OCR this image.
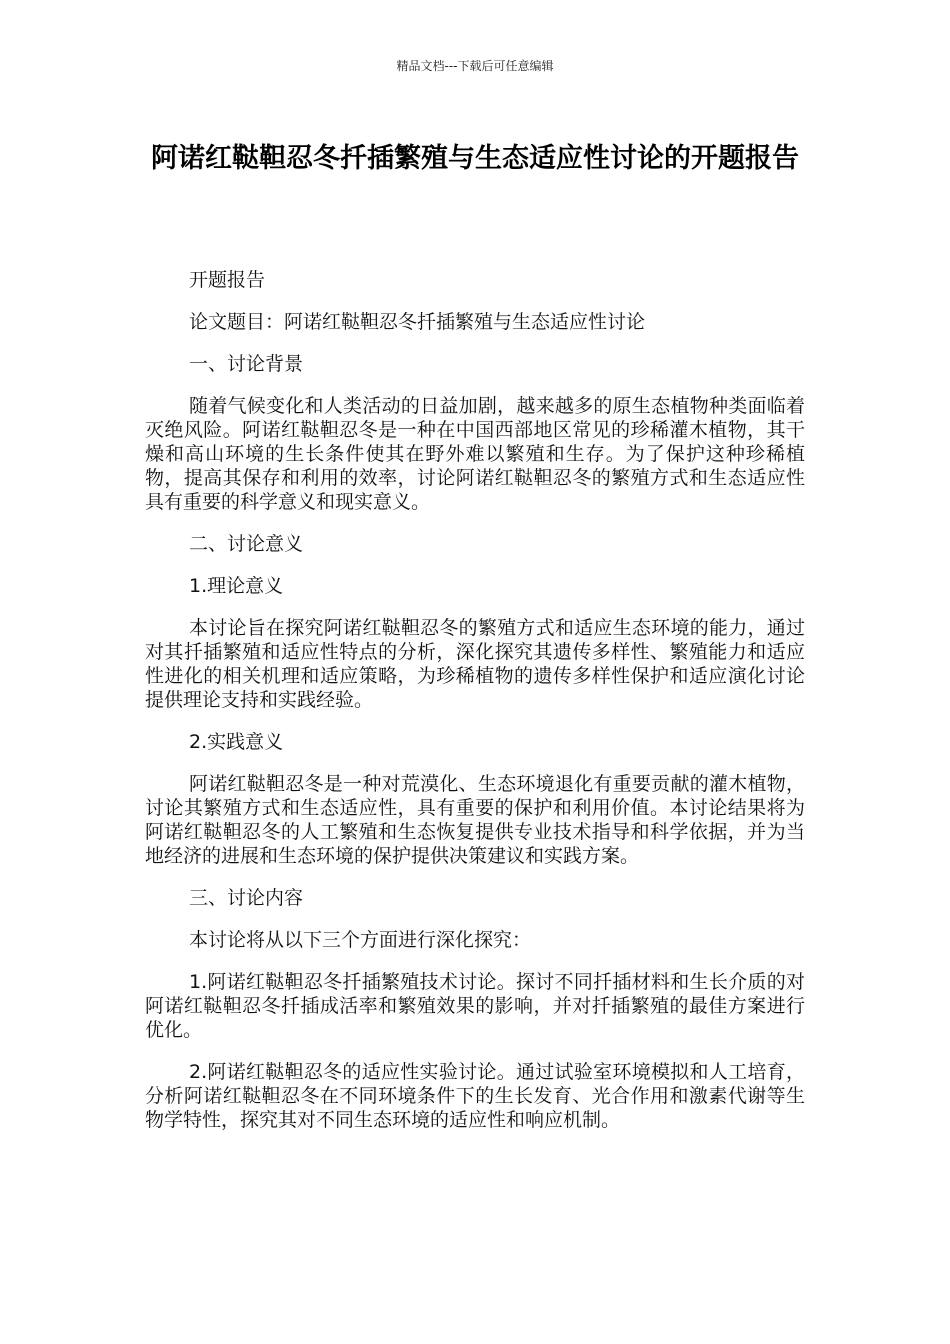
精品文档---下载后可任意编辑
阿诺红鞑靼忍冬扦插繁殖与生态适应性讨论的开题报告

开题报告

论文题目：阿诺红鞑靼忍冬扦插繁殖与生态适应性讨论

一、讨论背景

随着气候变化和人类活动的日益加剧，越来越多的原生态植物种类面临着灭绝风险。阿诺红鞑靼忍冬是一种在中国西部地区常见的珍稀灌木植物，其干燥和高山环境的生长条件使其在野外难以繁殖和生存。为了保护这种珍稀植物，提高其保存和利用的效率，讨论阿诺红鞑靼忍冬的繁殖方式和生态适应性具有重要的科学意义和现实意义。

二、讨论意义

1.理论意义

本讨论旨在探究阿诺红鞑靼忍冬的繁殖方式和适应生态环境的能力，通过对其扦插繁殖和适应性特点的分析，深化探究其遗传多样性、繁殖能力和适应性进化的相关机理和适应策略，为珍稀植物的遗传多样性保护和适应演化讨论提供理论支持和实践经验。

2.实践意义

阿诺红鞑靼忍冬是一种对荒漠化、生态环境退化有重要贡献的灌木植物，讨论其繁殖方式和生态适应性，具有重要的保护和利用价值。本讨论结果将为阿诺红鞑靼忍冬的人工繁殖和生态恢复提供专业技术指导和科学依据，并为当地经济的进展和生态环境的保护提供决策建议和实践方案。

三、讨论内容

本讨论将从以下三个方面进行深化探究：

1.阿诺红鞑靼忍冬扦插繁殖技术讨论。探讨不同扦插材料和生长介质的对阿诺红鞑靼忍冬扦插成活率和繁殖效果的影响，并对扦插繁殖的最佳方案进行优化。

2.阿诺红鞑靼忍冬的适应性实验讨论。通过试验室环境模拟和人工培育，分析阿诺红鞑靼忍冬在不同环境条件下的生长发育、光合作用和激素代谢等生物学特性，探究其对不同生态环境的适应性和响应机制。
